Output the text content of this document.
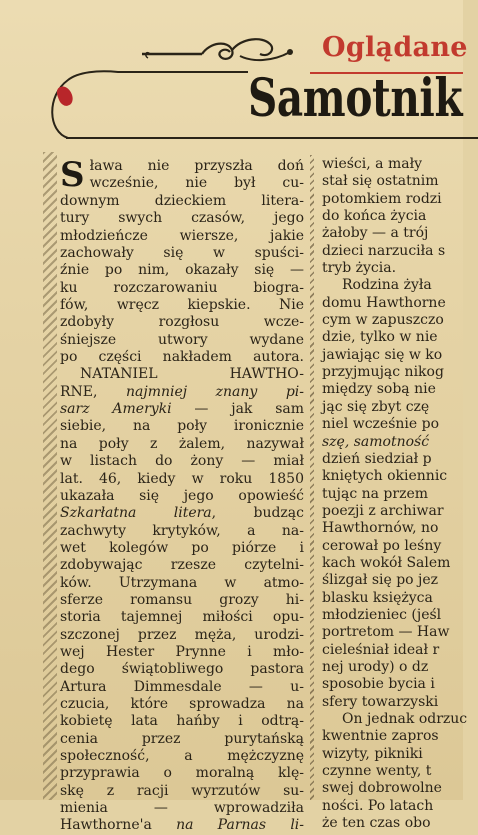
Oglądane
Samotnik
S ława nie przyszła doń
wcześnie, nie był cu-
downym dzieckiem litera-
tury swych czasów, jego
młodzieńcze wiersze, jakie
zachowały się w spuści-
źnie po nim, okazały się —
ku rozczarowaniu biogra-
fów, wręcz kiepskie. Nie
zdobyły rozgłosu wcze-
śniejsze utwory wydane
po części nakładem autora.
NATANIEL HAWTHO-
RNE, najmniej znany pi-
sarz Ameryki — jak sam
siebie, na poły ironicznie
na poły z żalem, nazywał
w listach do żony — miał
lat. 46, kiedy w roku 1850
ukazała się jego opowieść
Szkarłatna litera, budząc
zachwyty krytyków, a na-
wet kolegów po piórze i
zdobywając rzesze czytelni-
ków. Utrzymana w atmo-
sferze romansu grozy hi-
storia tajemnej miłości opu-
szczonej przez męża, urodzi-
wej Hester Prynne i mło-
dego świątobliwego pastora
Artura Dimmesdale — u-
czucia, które sprowadza na
kobietę lata hańby i odtrą-
cenia przez purytańską
społeczność, a mężczyznę
przyprawia o moralną klę-
skę z racji wyrzutów su-
mienia — wprowadziła
Hawthorne'a na Parnas li-
wieści, a mały
stał się ostatnim
potomkiem rodzi
do końca życia
żałoby — a trój
dzieci narzuciła s
tryb życia.
Rodzina żyła
domu Hawthorne
cym w zapuszczo
dzie, tylko w nie
jawiając się w ko
przyjmując nikog
między sobą nie
jąc się zbyt czę
niel wcześnie po
szę, samotność
dzień siedział p
kniętych okiennic
tując na przem
poezji z archiwar
Hawthornów, no
cerował po leśny
kach wokół Salem
ślizgał się po jez
blasku księżyca
młodzieniec (jeśl
portretom — Haw
cieleśniał ideał r
nej urody) o dz
sposobie bycia i
sfery towarzyski
On jednak odrzuc
kwentnie zapros
wizyty, pikniki
czynne wenty, t
swej dobrowolne
ności. Po latach
że ten czas obo
